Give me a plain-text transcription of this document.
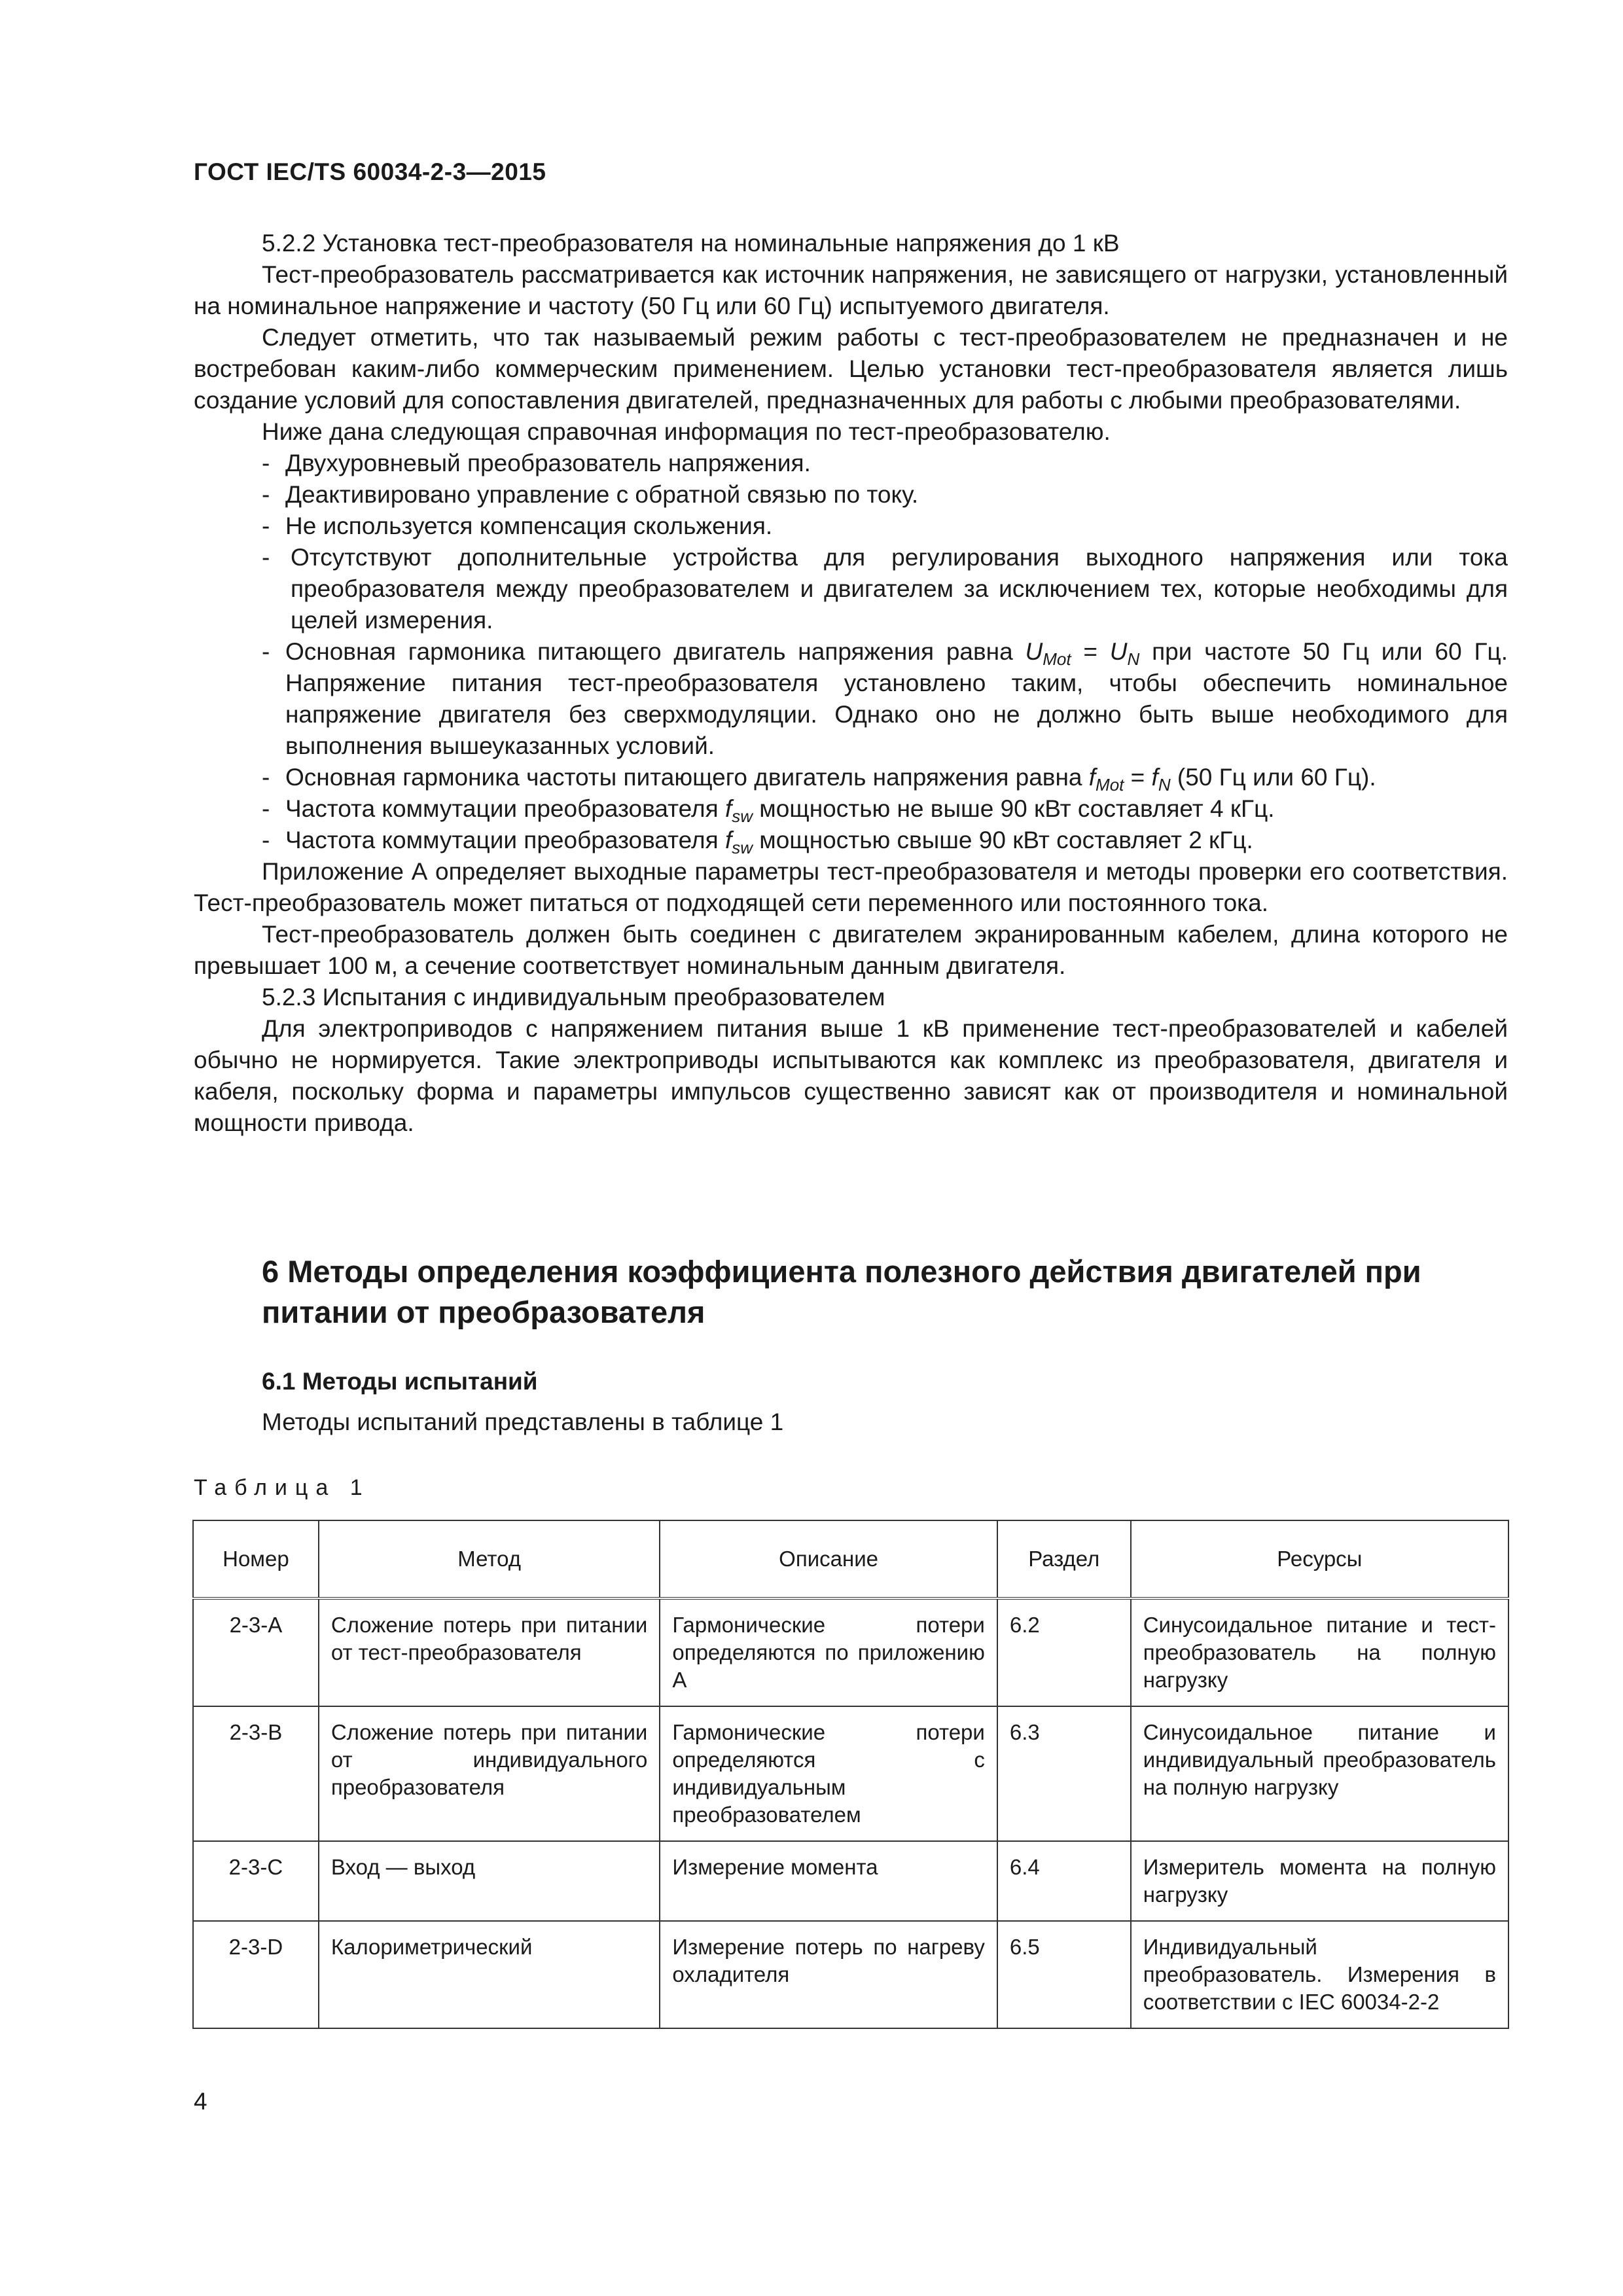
ГОСТ IEC/TS 60034-2-3—2015

5.2.2 Установка тест-преобразователя на номинальные напряжения до 1 кВ

Тест-преобразователь рассматривается как источник напряжения, не зависящего от нагрузки, установленный на номинальное напряжение и частоту (50 Гц или 60 Гц) испытуемого двигателя.

Следует отметить, что так называемый режим работы с тест-преобразователем не предназначен и не востребован каким-либо коммерческим применением. Целью установки тест-преобразователя является лишь создание условий для сопоставления двигателей, предназначенных для работы с любыми преобразователями.

Ниже дана следующая справочная информация по тест-преобразователю.

- Двухуровневый преобразователь напряжения.

- Деактивировано управление с обратной связью по току.

- Не используется компенсация скольжения.

- Отсутствуют дополнительные устройства для регулирования выходного напряжения или тока преобразователя между преобразователем и двигателем за исключением тех, которые необходимы для целей измерения.

- Основная гармоника питающего двигатель напряжения равна $U_{Mot} = U_N$ при частоте 50 Гц или 60 Гц. Напряжение питания тест-преобразователя установлено таким, чтобы обеспечить номинальное напряжение двигателя без сверхмодуляции. Однако оно не должно быть выше необходимого для выполнения вышеуказанных условий.

- Основная гармоника частоты питающего двигатель напряжения равна $f_{Mot} = f_N$ (50 Гц или 60 Гц).

- Частота коммутации преобразователя $f_{sw}$ мощностью не выше 90 кВт составляет 4 кГц.

- Частота коммутации преобразователя $f_{sw}$ мощностью свыше 90 кВт составляет 2 кГц.

Приложение А определяет выходные параметры тест-преобразователя и методы проверки его соответствия. Тест-преобразователь может питаться от подходящей сети переменного или постоянного тока.

Тест-преобразователь должен быть соединен с двигателем экранированным кабелем, длина которого не превышает 100 м, а сечение соответствует номинальным данным двигателя.

5.2.3 Испытания с индивидуальным преобразователем

Для электроприводов с напряжением питания выше 1 кВ применение тест-преобразователей и кабелей обычно не нормируется. Такие электроприводы испытываются как комплекс из преобразователя, двигателя и кабеля, поскольку форма и параметры импульсов существенно зависят как от производителя и номинальной мощности привода.

6 Методы определения коэффициента полезного действия двигателей при питании от преобразователя
6.1 Методы испытаний
Методы испытаний представлены в таблице 1
Таблица 1
Номер	Метод	Описание	Раздел	Ресурсы
2-3-A	Сложение потерь при питании от тест-преобразователя	Гармонические потери определяются по приложению A	6.2	Синусоидальное питание и тест-преобразователь на полную нагрузку
2-3-B	Сложение потерь при питании от индивидуального преобразователя	Гармонические потери определяются с индивидуальным преобразователем	6.3	Синусоидальное питание и индивидуальный преобразователь на полную нагрузку
2-3-C	Вход — выход	Измерение момента	6.4	Измеритель момента на полную нагрузку
2-3-D	Калориметрический	Измерение потерь по нагреву охладителя	6.5	Индивидуальный преобразователь. Измерения в соответствии с IEC 60034-2-2
4
